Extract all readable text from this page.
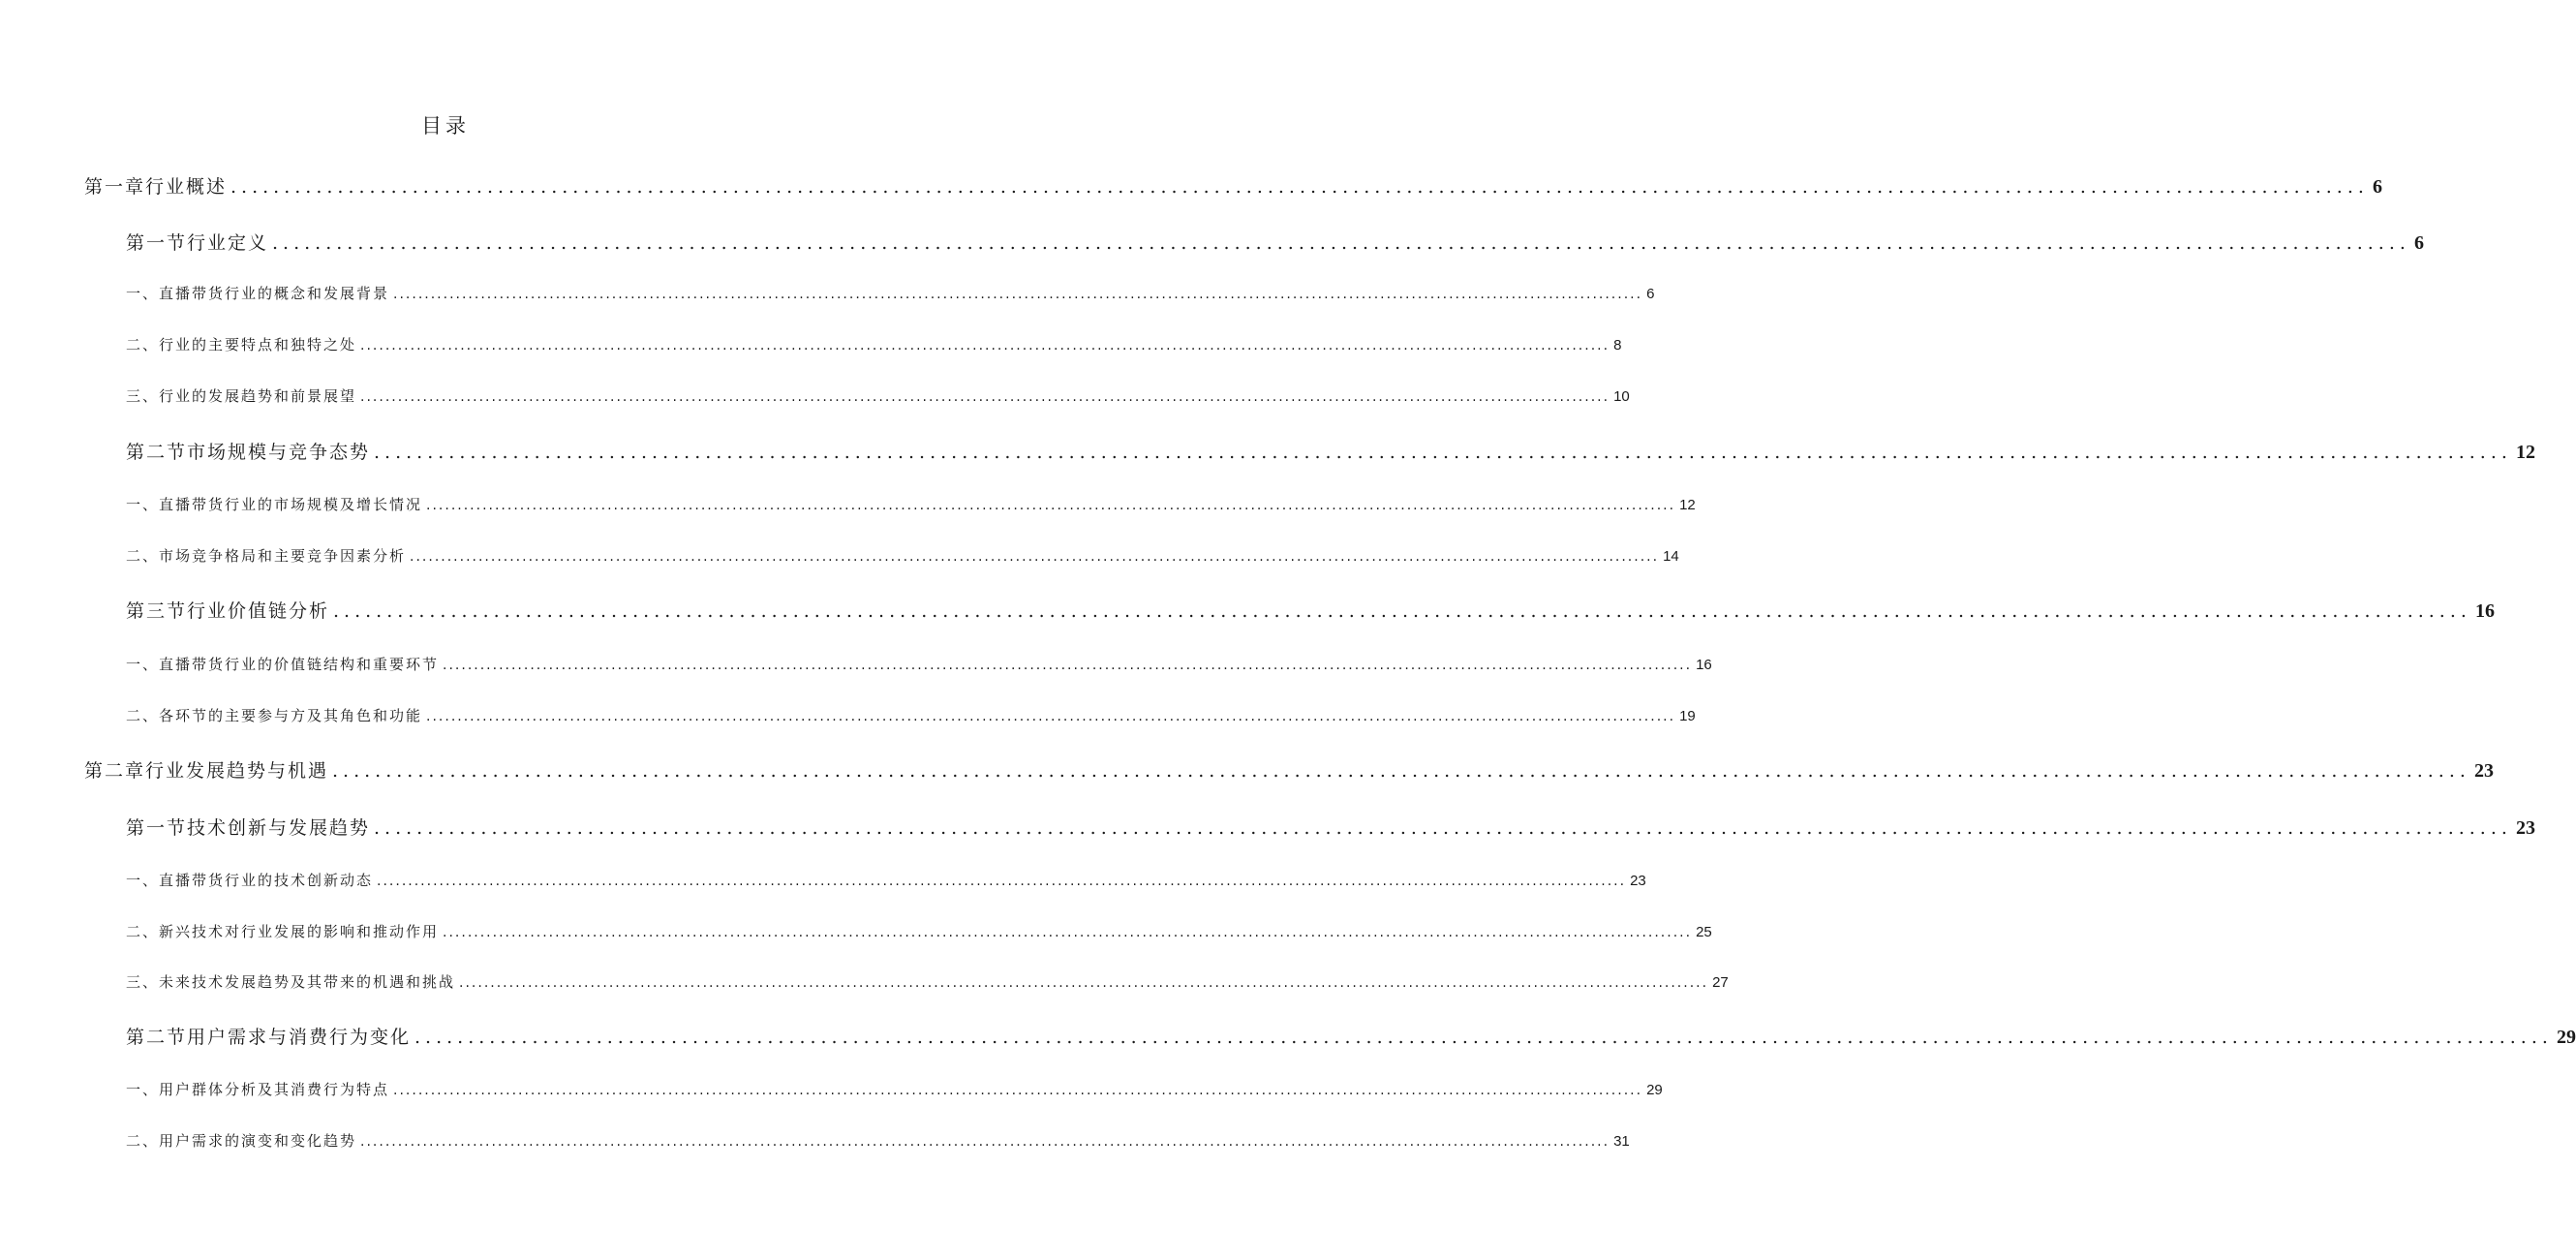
目录
第一章行业概述 ........................................................................................................................................................................................................ 6
第一节行业定义 ........................................................................................................................................................................................................ 6
一、直播带货行业的概念和发展背景 ........................................................................................................................................................................................................ 6
二、行业的主要特点和独特之处 ........................................................................................................................................................................................................ 8
三、行业的发展趋势和前景展望 ........................................................................................................................................................................................................ 10
第二节市场规模与竞争态势 ........................................................................................................................................................................................................ 12
一、直播带货行业的市场规模及增长情况 ........................................................................................................................................................................................................ 12
二、市场竞争格局和主要竞争因素分析 ........................................................................................................................................................................................................ 14
第三节行业价值链分析 ........................................................................................................................................................................................................ 16
一、直播带货行业的价值链结构和重要环节 ........................................................................................................................................................................................................ 16
二、各环节的主要参与方及其角色和功能 ........................................................................................................................................................................................................ 19
第二章行业发展趋势与机遇 ........................................................................................................................................................................................................ 23
第一节技术创新与发展趋势 ........................................................................................................................................................................................................ 23
一、直播带货行业的技术创新动态 ........................................................................................................................................................................................................ 23
二、新兴技术对行业发展的影响和推动作用 ........................................................................................................................................................................................................ 25
三、未来技术发展趋势及其带来的机遇和挑战 ........................................................................................................................................................................................................ 27
第二节用户需求与消费行为变化 ........................................................................................................................................................................................................ 29
一、用户群体分析及其消费行为特点 ........................................................................................................................................................................................................ 29
二、用户需求的演变和变化趋势 ........................................................................................................................................................................................................ 31
